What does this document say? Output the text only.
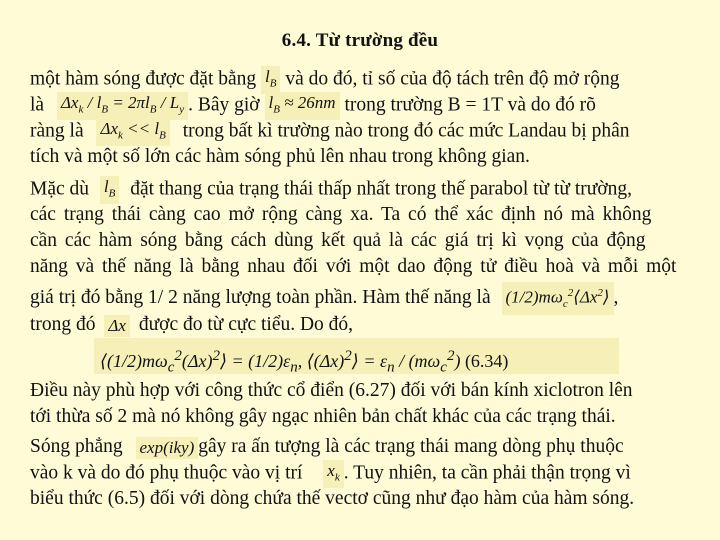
6.4. Từ trường đều
một hàm sóng được đặt bằng $l_B$ và do đó, tỉ số của độ tách trên độ mở rộng
là $\Delta x_k / l_B = 2\pi l_B / L_y$ . Bây giờ $l_B \approx 26nm$ trong trường B = 1T và do đó rõ
ràng là $\Delta x_k << l_B$ trong bất kì trường nào trong đó các mức Landau bị phân
tích và một số lớn các hàm sóng phủ lên nhau trong không gian.
Mặc dù $l_B$ đặt thang của trạng thái thấp nhất trong thế parabol từ từ trường,
các trạng thái càng cao mở rộng càng xa. Ta có thể xác định nó mà không
cần các hàm sóng bằng cách dùng kết quả là các giá trị kì vọng của động
năng và thế năng là bằng nhau đối với một dao động tử điều hoà và mỗi một
giá trị đó bằng 1/ 2 năng lượng toàn phần. Hàm thế năng là $(1/2)m\omega_c^2⟨\Delta x^2⟩$ ,
trong đó Δx được đo từ cực tiểu. Do đó,
$⟨(1/2)m\omega_c^2(\Delta x)^2⟩ = (1/2)\varepsilon_n$, $⟨(\Delta x)^2⟩ = \varepsilon_n / (m\omega_c^2)$ (6.34)
Điều này phù hợp với công thức cổ điển (6.27) đối với bán kính xiclotron lên
tới thừa số 2 mà nó không gây ngạc nhiên bản chất khác của các trạng thái.
Sóng phẳng exp(iky) gây ra ấn tượng là các trạng thái mang dòng phụ thuộc
vào k và do đó phụ thuộc vào vị trí $x_k$ . Tuy nhiên, ta cần phải thận trọng vì
biểu thức (6.5) đối với dòng chứa thế vectơ cũng như đạo hàm của hàm sóng.
